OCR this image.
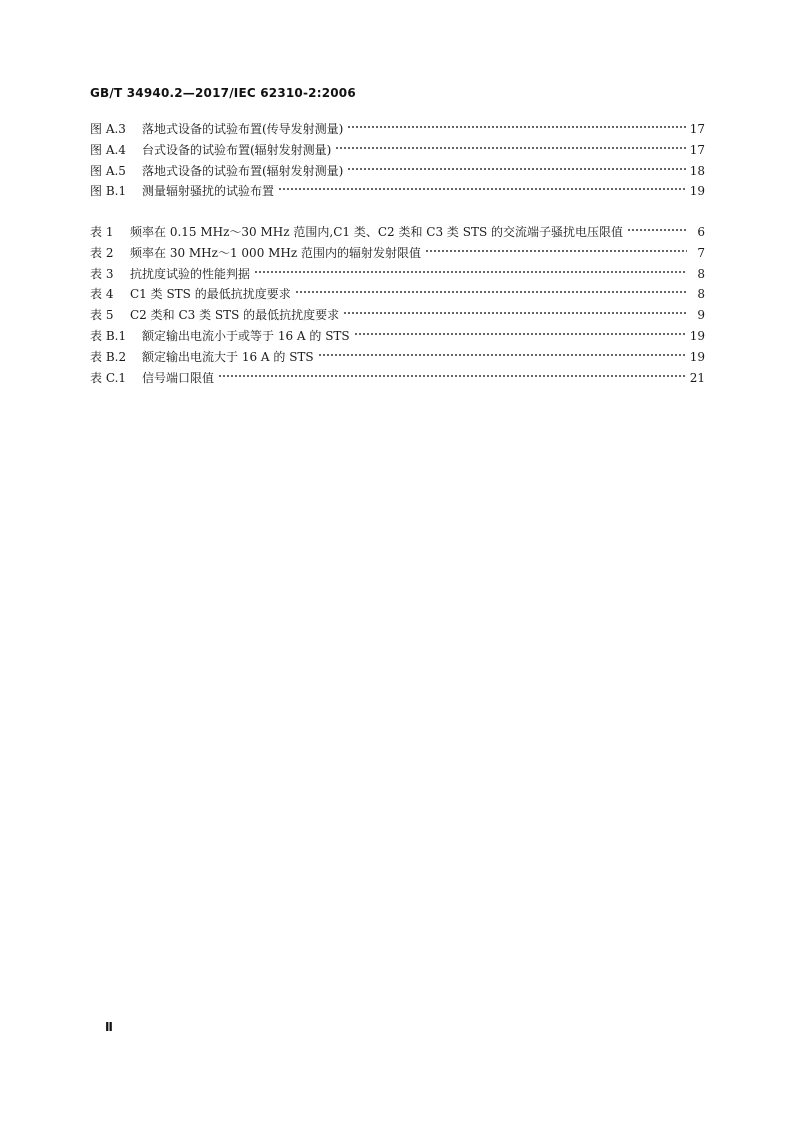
GB/T 34940.2—2017/IEC 62310-2:2006
图 A.3	落地式设备的试验布置(传导发射测量)	17
图 A.4	台式设备的试验布置(辐射发射测量)	17
图 A.5	落地式设备的试验布置(辐射发射测量)	18
图 B.1	测量辐射骚扰的试验布置	19
表 1	频率在 0.15 MHz～30 MHz 范围内,C1 类、C2 类和 C3 类 STS 的交流端子骚扰电压限值	6
表 2	频率在 30 MHz～1 000 MHz 范围内的辐射发射限值	7
表 3	抗扰度试验的性能判据	8
表 4	C1 类 STS 的最低抗扰度要求	8
表 5	C2 类和 C3 类 STS 的最低抗扰度要求	9
表 B.1	额定输出电流小于或等于 16 A 的 STS	19
表 B.2	额定输出电流大于 16 A 的 STS	19
表 C.1	信号端口限值	21
Ⅱ
